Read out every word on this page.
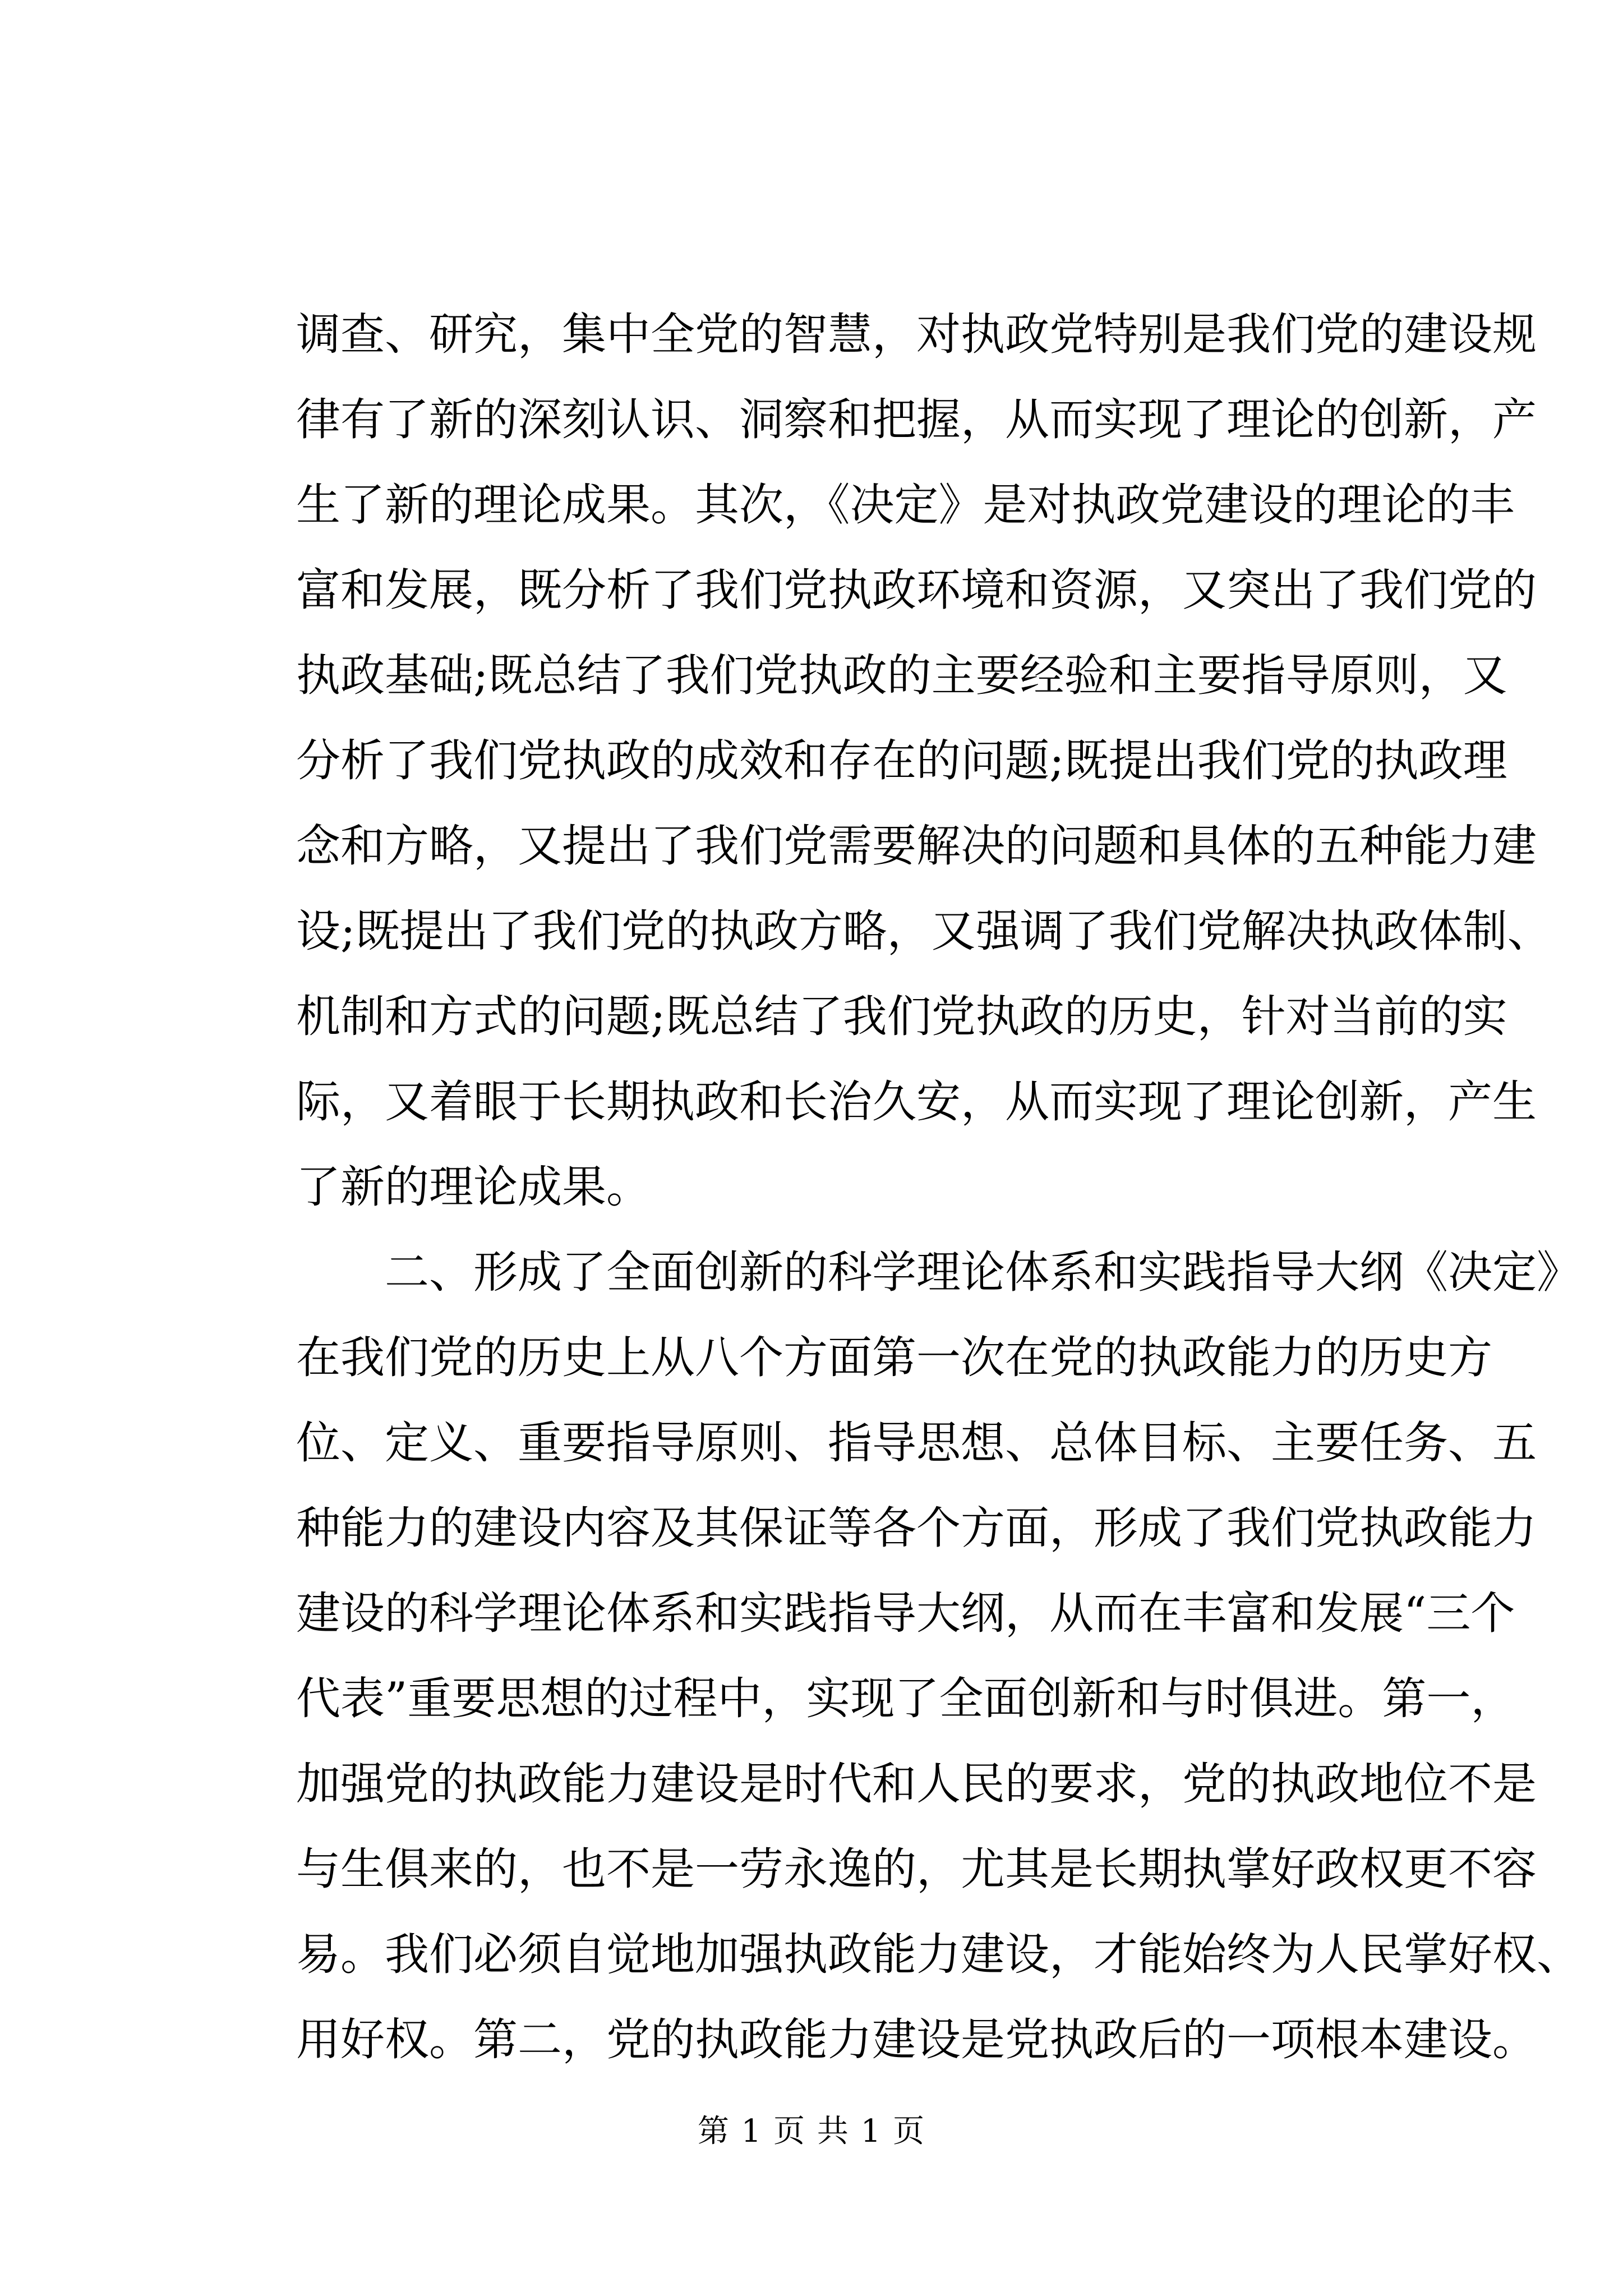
调查、研究，集中全党的智慧，对执政党特别是我们党的建设规
律有了新的深刻认识、洞察和把握，从而实现了理论的创新，产
生了新的理论成果。其次，《决定》是对执政党建设的理论的丰
富和发展，既分析了我们党执政环境和资源，又突出了我们党的
执政基础;既总结了我们党执政的主要经验和主要指导原则，又
分析了我们党执政的成效和存在的问题;既提出我们党的执政理
念和方略，又提出了我们党需要解决的问题和具体的五种能力建
设;既提出了我们党的执政方略，又强调了我们党解决执政体制、
机制和方式的问题;既总结了我们党执政的历史，针对当前的实
际，又着眼于长期执政和长治久安，从而实现了理论创新，产生
了新的理论成果。
二、形成了全面创新的科学理论体系和实践指导大纲《决定》
在我们党的历史上从八个方面第一次在党的执政能力的历史方
位、定义、重要指导原则、指导思想、总体目标、主要任务、五
种能力的建设内容及其保证等各个方面，形成了我们党执政能力
建设的科学理论体系和实践指导大纲，从而在丰富和发展“三个
代表”重要思想的过程中，实现了全面创新和与时俱进。第一，
加强党的执政能力建设是时代和人民的要求，党的执政地位不是
与生俱来的，也不是一劳永逸的，尤其是长期执掌好政权更不容
易。我们必须自觉地加强执政能力建设，才能始终为人民掌好权、
用好权。第二，党的执政能力建设是党执政后的一项根本建设。
第 1 页 共 1 页
